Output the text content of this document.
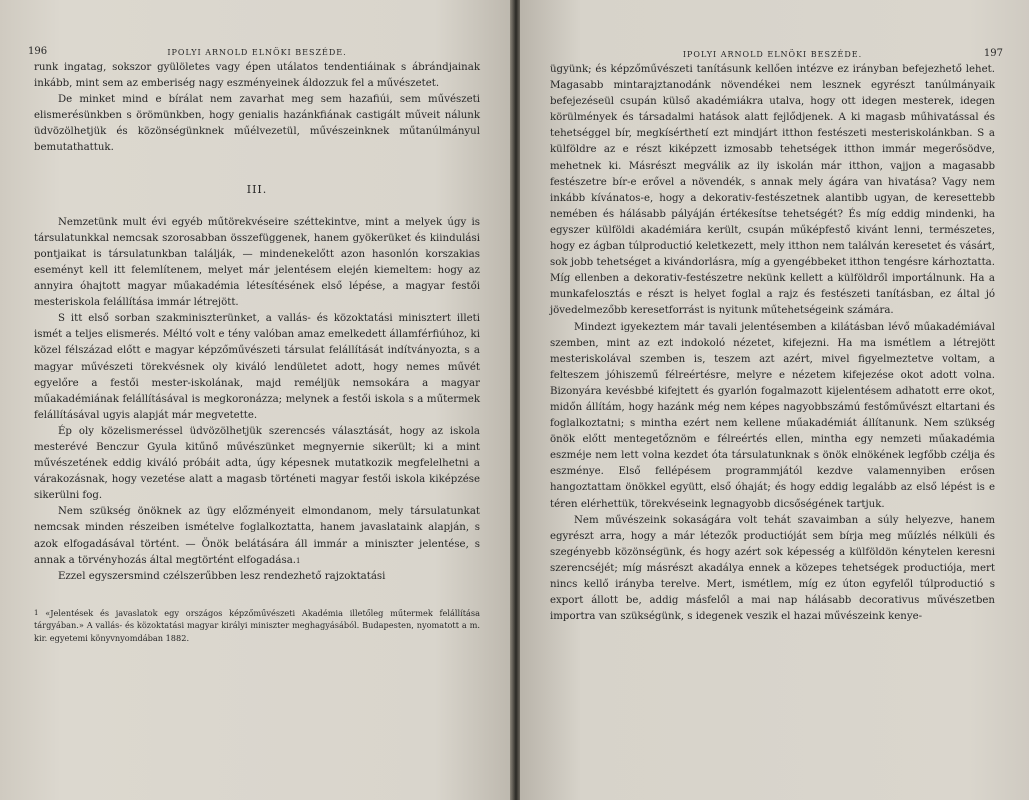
196	IPOLYI ARNOLD ELNÖKI BESZÉDE.

runk ingatag, sokszor gyülöletes vagy épen utálatos tendentiáinak s ábrándjainak inkább, mint sem az emberiség nagy eszményeinek áldozzuk fel a művészetet.

De minket mind e bírálat nem zavarhat meg sem hazafiúi, sem művészeti elismerésünkben s örömünkben, hogy genialis hazánkfiának castigált műveit nálunk üdvözölhetjük és közönségünknek műélvezetül, művészeinknek műtanúlmányul bemutathattuk.

III.

Nemzetünk mult évi egyéb műtörekvéseire széttekintve, mint a melyek úgy is társulatunkkal nemcsak szorosabban összefüggenek, hanem gyökerüket és kiindulási pontjaikat is társulatunkban találják, — mindenekelőtt azon hasonlón korszakias eseményt kell itt felemlítenem, melyet már jelentésem elején kiemeltem: hogy az annyira óhajtott magyar műakadémia létesítésének első lépése, a magyar festői mesteriskola felállítása immár létrejött.

S itt első sorban szakminiszterünket, a vallás- és közoktatási minisztert illeti ismét a teljes elismerés. Méltó volt e tény valóban amaz emelkedett államférfiúhoz, ki közel félszázad előtt e magyar képzőművészeti társulat felállítását indítványozta, s a magyar művészeti törekvésnek oly kiváló lendületet adott, hogy nemes művét egyelőre a festői mester-iskolának, majd reméljük nemsokára a magyar műakadémiának felállításával is megkoronázza; melynek a festői iskola s a műtermek felállításával ugyis alapját már megvetette.

Ép oly közelismeréssel üdvözölhetjük szerencsés választását, hogy az iskola mesterévé Benczur Gyula kitűnő művészünket megnyernie sikerült; ki a mint művészetének eddig kiváló próbáit adta, úgy képesnek mutatkozik megfelelhetni a várakozásnak, hogy vezetése alatt a magasb történeti magyar festői iskola kiképzése sikerülni fog.

Nem szükség önöknek az ügy előzményeit elmondanom, mely társulatunkat nemcsak minden részeiben ismételve foglalkoztatta, hanem javaslataink alapján, s azok elfogadásával történt. — Önök belátására áll immár a miniszter jelentése, s annak a törvényhozás által megtörtént elfogadása.$^1$

Ezzel egyszersmind czélszerűbben lesz rendezhető rajzoktatási

1 «Jelentések és javaslatok egy országos képzőművészeti Akadémia illetőleg műtermek felállítása tárgyában.» A vallás- és közoktatási magyar királyi miniszter meghagyásából. Budapesten, nyomatott a m. kir. egyetemi könyvnyomdában 1882.
IPOLYI ARNOLD ELNÖKI BESZÉDE.	197

ügyünk; és képzőművészeti tanításunk kellően intézve ez irányban befejezhető lehet. Magasabb mintarajztanodánk növendékei nem lesznek egyrészt tanúlmányaik befejezéseül csupán külső akadémiákra utalva, hogy ott idegen mesterek, idegen körülmények és társadalmi hatások alatt fejlődjenek. A ki magasb műhivatással és tehetséggel bír, megkísérthetí ezt mindjárt itthon festészeti mesteriskolánkban. S a külföldre az e részt kiképzett izmosabb tehetségek itthon immár megerősödve, mehetnek ki. Másrészt megválik az ily iskolán már itthon, vajjon a magasabb festészetre bír-e erővel a növendék, s annak mely ágára van hivatása? Vagy nem inkább kívánatos-e, hogy a dekorativ-festészetnek alantibb ugyan, de keresettebb nemében és hálásabb pályáján értékesítse tehetségét? És míg eddig mindenki, ha egyszer külföldi akadémiára került, csupán műképfestő kivánt lenni, természetes, hogy ez ágban túlproductió keletkezett, mely itthon nem találván keresetet és vásárt, sok jobb tehetséget a kivándorlásra, míg a gyengébbeket itthon tengésre kárhoztatta. Míg ellenben a dekorativ-festészetre nekünk kellett a külföldről importálnunk. Ha a munkafelosztás e részt is helyet foglal a rajz és festészeti tanításban, ez által jó jövedelmezőbb keresetforrást is nyitunk műtehetségeink számára.

Mindezt igyekeztem már tavali jelentésemben a kilátásban lévő műakadémiával szemben, mint az ezt indokoló nézetet, kifejezni. Ha ma ismétlem a létrejött mesteriskolával szemben is, teszem azt azért, mivel figyelmeztetve voltam, a felteszem jóhiszemű félreértésre, melyre e nézetem kifejezése okot adott volna. Bizonyára kevésbbé kifejtett és gyarlón fogalmazott kijelentésem adhatott erre okot, midőn állítám, hogy hazánk még nem képes nagyobbszámú festőművészt eltartani és foglalkoztatni; s mintha ezért nem kellene műakadémiát állítanunk. Nem szükség önök előtt mentegetőznöm e félreértés ellen, mintha egy nemzeti műakadémia eszméje nem lett volna kezdet óta társulatunknak s önök elnökének legfőbb czélja és eszménye. Első fellépésem programmjától kezdve valamennyiben erősen hangoztattam önökkel együtt, első óhaját; és hogy eddig legalább az első lépést is e téren elérhettük, törekvéseink legnagyobb dicsőségének tartjuk.

Nem művészeink sokaságára volt tehát szavaimban a súly helyezve, hanem egyrészt arra, hogy a már létezők productióját sem bírja meg műízlés nélküli és szegényebb közönségünk, és hogy azért sok képesség a külföldön kénytelen keresni szerencséjét; míg másrészt akadálya ennek a közepes tehetségek productiója, mert nincs kellő irányba terelve. Mert, ismétlem, míg ez úton egyfelől túlproductió s export állott be, addig másfelől a mai nap hálásabb decorativus művészetben importra van szükségünk, s idegenek veszik el hazai művészeink kenye-
